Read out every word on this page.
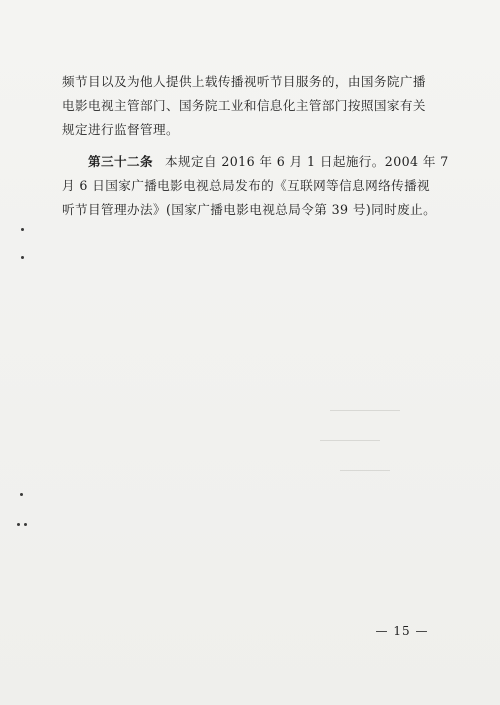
频节目以及为他人提供上载传播视听节目服务的，由国务院广播
电影电视主管部门、国务院工业和信息化主管部门按照国家有关
规定进行监督管理。

第三十二条 本规定自 2016 年 6 月 1 日起施行。2004 年 7
月 6 日国家广播电影电视总局发布的《互联网等信息网络传播视
听节目管理办法》(国家广播电影电视总局令第 39 号)同时废止。

— 15 —
